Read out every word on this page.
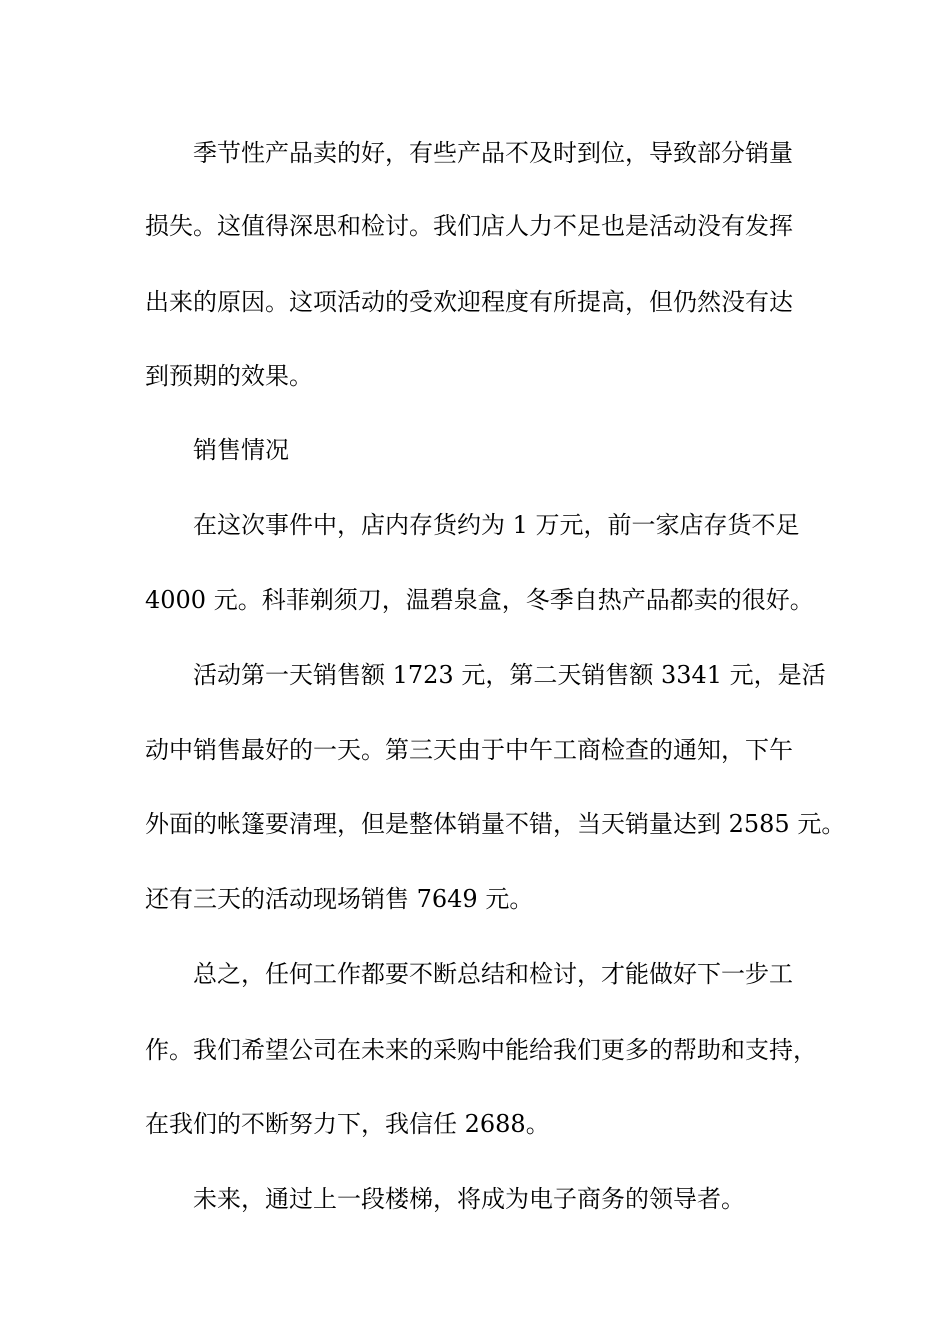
季节性产品卖的好，有些产品不及时到位，导致部分销量
损失。这值得深思和检讨。我们店人力不足也是活动没有发挥
出来的原因。这项活动的受欢迎程度有所提高，但仍然没有达
到预期的效果。
销售情况
在这次事件中，店内存货约为 1 万元，前一家店存货不足
4000 元。科菲剃须刀，温碧泉盒，冬季自热产品都卖的很好。
活动第一天销售额 1723 元，第二天销售额 3341 元，是活
动中销售最好的一天。第三天由于中午工商检查的通知，下午
外面的帐篷要清理，但是整体销量不错，当天销量达到 2585 元。
还有三天的活动现场销售 7649 元。
总之，任何工作都要不断总结和检讨，才能做好下一步工
作。我们希望公司在未来的采购中能给我们更多的帮助和支持，
在我们的不断努力下，我信任 2688。
未来，通过上一段楼梯，将成为电子商务的领导者。
